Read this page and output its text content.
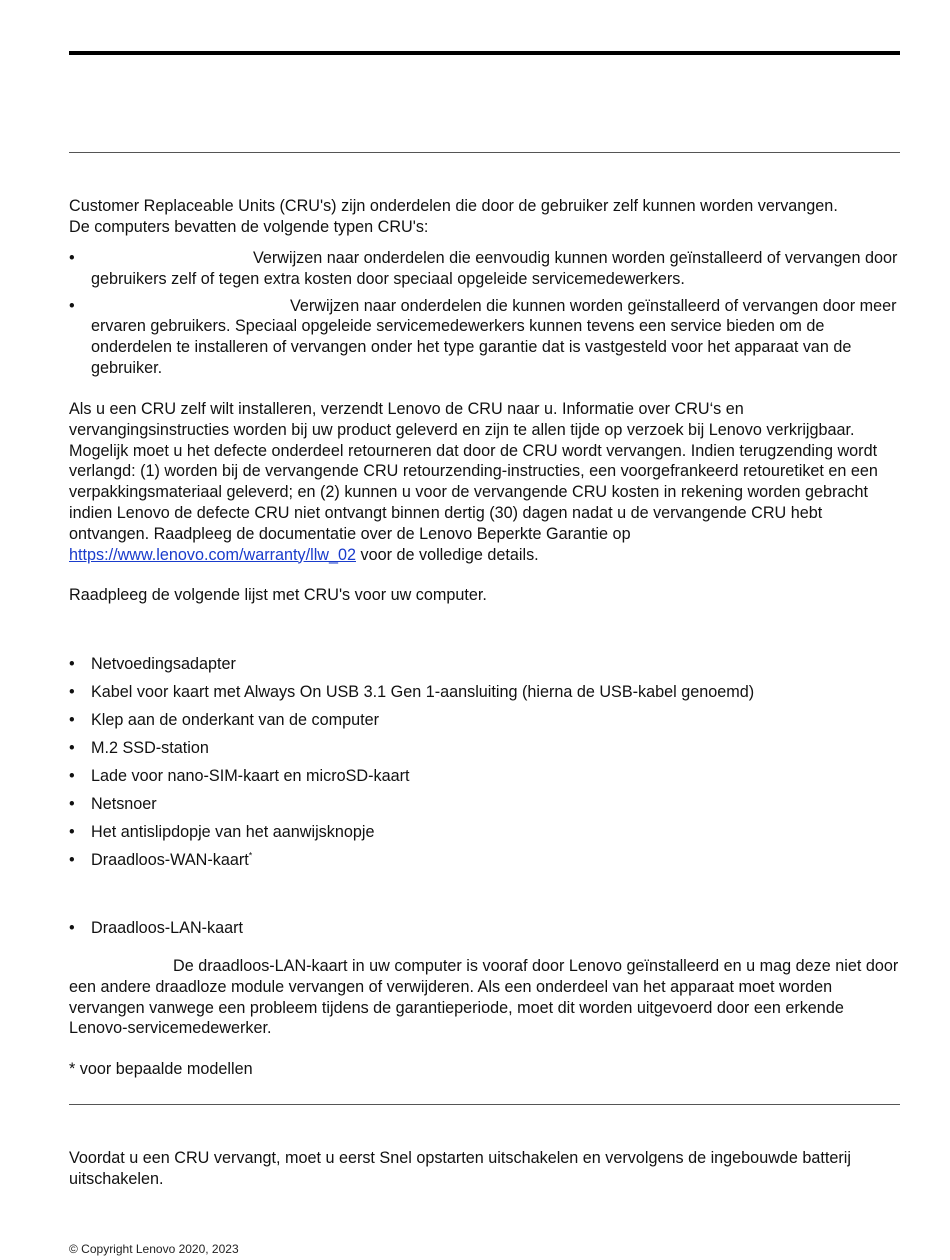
Customer Replaceable Units (CRU's) zijn onderdelen die door de gebruiker zelf kunnen worden vervangen.
De computers bevatten de volgende typen CRU's:

•	Verwijzen naar onderdelen die eenvoudig kunnen worden geïnstalleerd of vervangen door gebruikers zelf of tegen extra kosten door speciaal opgeleide servicemedewerkers.
•	Verwijzen naar onderdelen die kunnen worden geïnstalleerd of vervangen door meer ervaren gebruikers. Speciaal opgeleide servicemedewerkers kunnen tevens een service bieden om de onderdelen te installeren of vervangen onder het type garantie dat is vastgesteld voor het apparaat van de gebruiker.

Als u een CRU zelf wilt installeren, verzendt Lenovo de CRU naar u. Informatie over CRU‘s en vervangingsinstructies worden bij uw product geleverd en zijn te allen tijde op verzoek bij Lenovo verkrijgbaar. Mogelijk moet u het defecte onderdeel retourneren dat door de CRU wordt vervangen. Indien terugzending wordt verlangd: (1) worden bij de vervangende CRU retourzending-instructies, een voorgefrankeerd retouretiket en een verpakkingsmateriaal geleverd; en (2) kunnen u voor de vervangende CRU kosten in rekening worden gebracht indien Lenovo de defecte CRU niet ontvangt binnen dertig (30) dagen nadat u de vervangende CRU hebt ontvangen. Raadpleeg de documentatie over de Lenovo Beperkte Garantie op https://www.lenovo.com/warranty/llw_02 voor de volledige details.

Raadpleeg de volgende lijst met CRU's voor uw computer.

• Netvoedingsadapter
• Kabel voor kaart met Always On USB 3.1 Gen 1-aansluiting (hierna de USB-kabel genoemd)
• Klep aan de onderkant van de computer
• M.2 SSD-station
• Lade voor nano-SIM-kaart en microSD-kaart
• Netsnoer
• Het antislipdopje van het aanwijsknopje
• Draadloos-WAN-kaart*
• Draadloos-LAN-kaart

De draadloos-LAN-kaart in uw computer is vooraf door Lenovo geïnstalleerd en u mag deze niet door een andere draadloze module vervangen of verwijderen. Als een onderdeel van het apparaat moet worden vervangen vanwege een probleem tijdens de garantieperiode, moet dit worden uitgevoerd door een erkende Lenovo-servicemedewerker.

* voor bepaalde modellen

Voordat u een CRU vervangt, moet u eerst Snel opstarten uitschakelen en vervolgens de ingebouwde batterij uitschakelen.

© Copyright Lenovo 2020, 2023
